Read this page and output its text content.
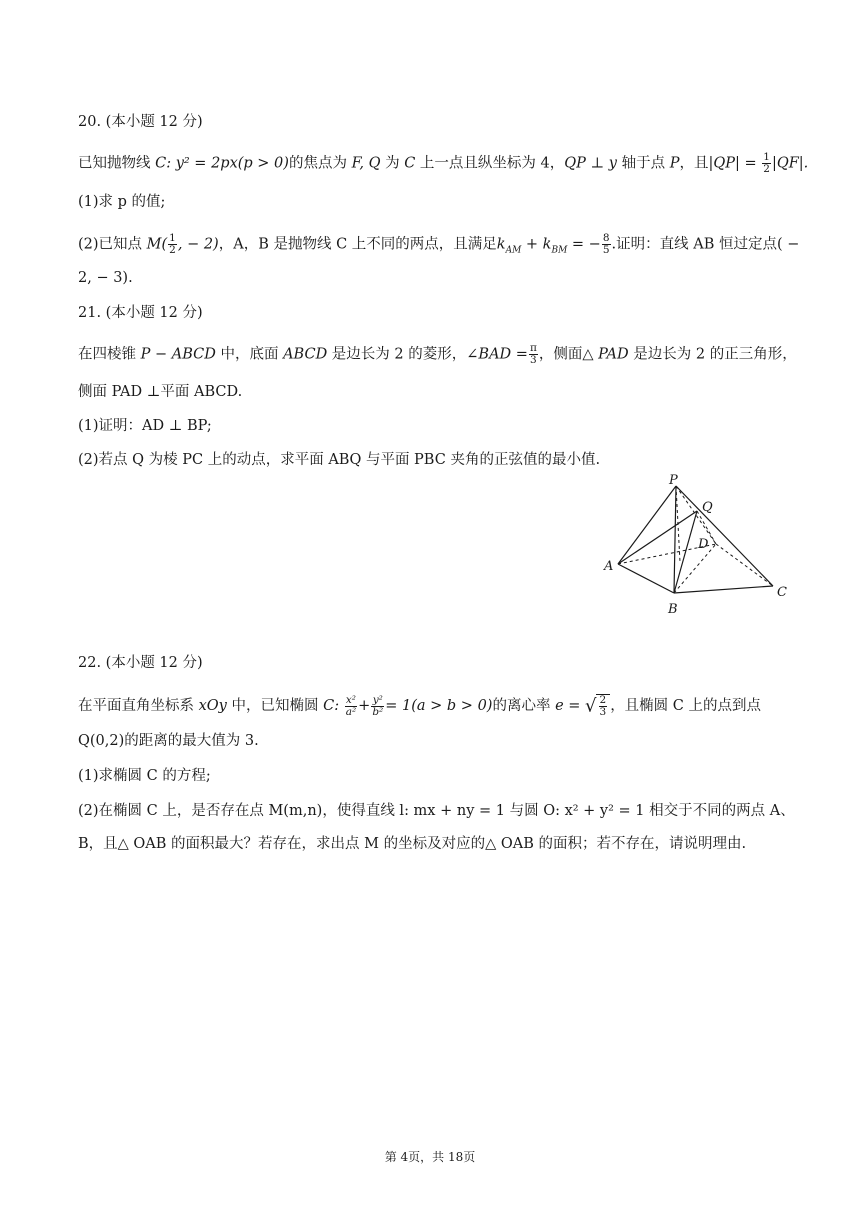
20. (本小题 12 分)
已知抛物线 C: y² = 2px(p > 0)的焦点为 F, Q 为 C 上一点且纵坐标为 4，QP ⊥ y 轴于点 P，且$|QP| = \frac{1}{2} |QF|$.
(1)求 p 的值;
(2)已知点 $M( \frac{1}{2}$ , − 2)，A，B 是抛物线 C 上不同的两点，且满足$k_{AM} + k_{BM}$ = − $\frac{8}{5}$ .证明：直线 AB 恒过定点( −
2, − 3).
21. (本小题 12 分)
在四棱锥 P − ABCD 中，底面 ABCD 是边长为 2 的菱形，∠BAD = $\frac{\pi}{3}$ ，侧面△ PAD 是边长为 2 的正三角形，
侧面 PAD ⊥平面 ABCD.
(1)证明：AD ⊥ BP;
(2)若点 Q 为棱 PC 上的动点，求平面 ABQ 与平面 PBC 夹角的正弦值的最小值.
P
Q
D
A
B
C
22. (本小题 12 分)
在平面直角坐标系 xOy 中，已知椭圆 C: $\frac{\text{x²}}{\text{a²}} + \frac{\text{y²}}{\text{b²}} = 1(a > b > 0)$的离心率 e = √ $\frac{2}{3}$ ，且椭圆 C 上的点到点
Q(0,2)的距离的最大值为 3.
(1)求椭圆 C 的方程;
(2)在椭圆 C 上，是否存在点 M(m,n)，使得直线 l: mx + ny = 1 与圆 O: x² + y² = 1 相交于不同的两点 A、
B，且△ OAB 的面积最大？若存在，求出点 M 的坐标及对应的△ OAB 的面积；若不存在，请说明理由.
第 4页，共 18页
